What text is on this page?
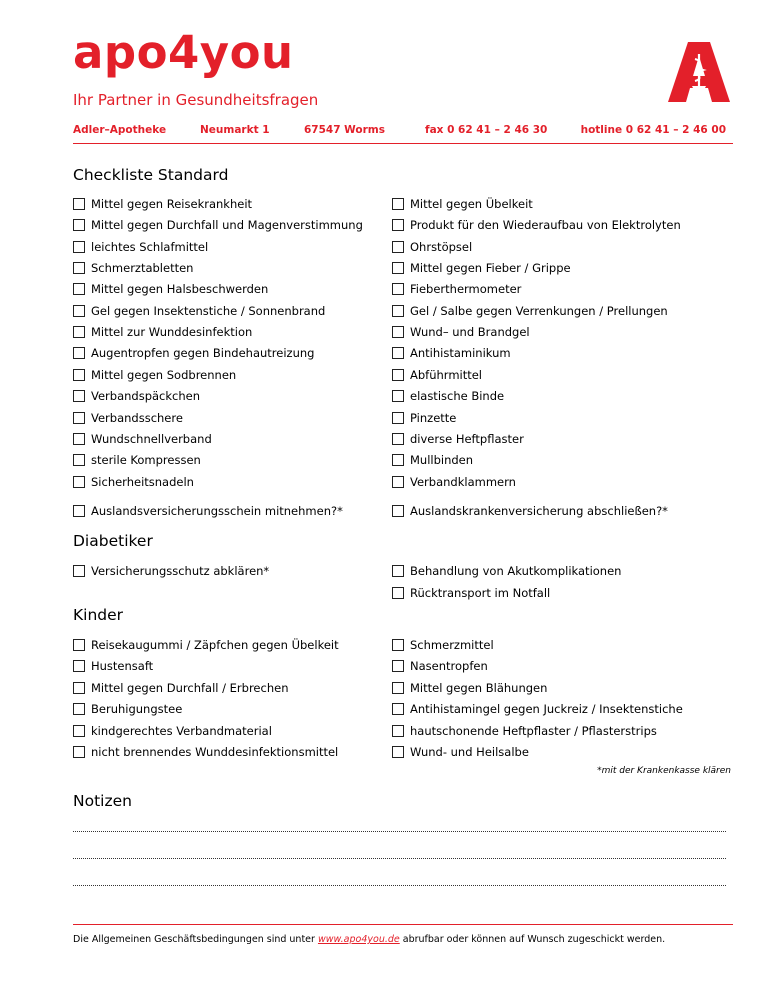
apo4you
Ihr Partner in Gesundheitsfragen
Adler–Apotheke	Neumarkt 1	67547 Worms	fax 0 62 41 – 2 46 30	hotline 0 62 41 – 2 46 00
Checkliste Standard
Diabetiker
Kinder
Mittel gegen Reisekrankheit
Mittel gegen Durchfall und Magenverstimmung
leichtes Schlafmittel
Schmerztabletten
Mittel gegen Halsbeschwerden
Gel gegen Insektenstiche / Sonnenbrand
Mittel zur Wunddesinfektion
Augentropfen gegen Bindehautreizung
Mittel gegen Sodbrennen
Verbandspäckchen
Verbandsschere
Wundschnellverband
sterile Kompressen
Sicherheitsnadeln
Auslandsversicherungsschein mitnehmen?*
Mittel gegen Übelkeit
Produkt für den Wiederaufbau von Elektrolyten
Ohrstöpsel
Mittel gegen Fieber / Grippe
Fieberthermometer
Gel / Salbe gegen Verrenkungen / Prellungen
Wund– und Brandgel
Antihistaminikum
Abführmittel
elastische Binde
Pinzette
diverse Heftpflaster
Mullbinden
Verbandklammern
Auslandskrankenversicherung abschließen?*
Versicherungsschutz abklären*	Behandlung von Akutkomplikationen
Rücktransport im Notfall
Reisekaugummi / Zäpfchen gegen Übelkeit
Hustensaft
Mittel gegen Durchfall / Erbrechen
Beruhigungstee
kindgerechtes Verbandmaterial
nicht brennendes Wunddesinfektionsmittel
Schmerzmittel
Nasentropfen
Mittel gegen Blähungen
Antihistamingel gegen Juckreiz / Insektenstiche
hautschonende Heftpflaster / Pflasterstrips
Wund- und Heilsalbe
*mit der Krankenkasse klären
Notizen
Die Allgemeinen Geschäftsbedingungen sind unter www.apo4you.de abrufbar oder können auf Wunsch zugeschickt werden.
